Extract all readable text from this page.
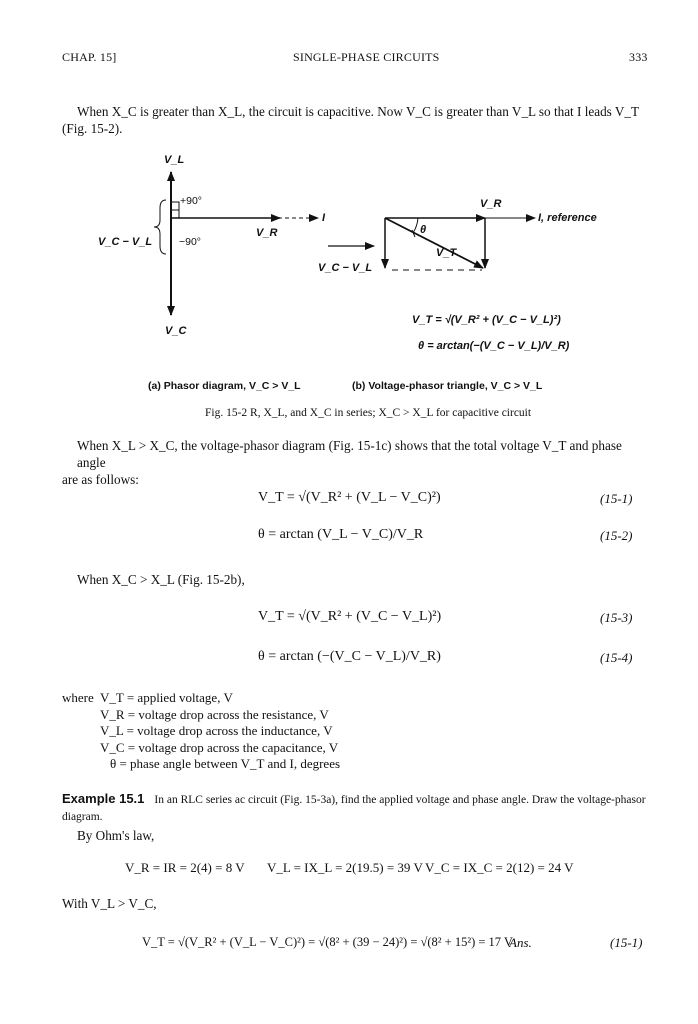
CHAP. 15]	SINGLE-PHASE CIRCUITS	333
When X_C is greater than X_L, the circuit is capacitive. Now V_C is greater than V_L so that I leads V_T
(Fig. 15-2).
V_L
+90°
−90°
I
V_R
V_C − V_L
V_C
V_R
I, reference
θ
V_T
V_C − V_L
V_T = √(V_R² + (V_C − V_L)²)
θ = arctan(−(V_C − V_L)/V_R)
(a) Phasor diagram, V_C > V_L	(b) Voltage-phasor triangle, V_C > V_L
Fig. 15-2 R, X_L, and X_C in series; X_C > X_L for capacitive circuit
When X_L > X_C, the voltage-phasor diagram (Fig. 15-1c) shows that the total voltage V_T and phase angle
are as follows:
V_T = √(V_R² + (V_L − V_C)²)	(15-1)
θ = arctan (V_L − V_C)/V_R	(15-2)
When X_C > X_L (Fig. 15-2b),
V_T = √(V_R² + (V_C − V_L)²)	(15-3)
θ = arctan (−(V_C − V_L)/V_R)	(15-4)
where V_T = applied voltage, V
V_R = voltage drop across the resistance, V
V_L = voltage drop across the inductance, V
V_C = voltage drop across the capacitance, V
θ = phase angle between V_T and I, degrees
Example 15.1 In an RLC series ac circuit (Fig. 15-3a), find the applied voltage and phase angle. Draw the voltage-phasor
diagram.
By Ohm's law,
V_R = IR = 2(4) = 8 V V_L = IX_L = 2(19.5) = 39 V V_C = IX_C = 2(12) = 24 V
With V_L > V_C,
V_T = √(V_R² + (V_L − V_C)²) = √(8² + (39 − 24)²) = √(8² + 15²) = 17 V
Ans.	(15-1)
